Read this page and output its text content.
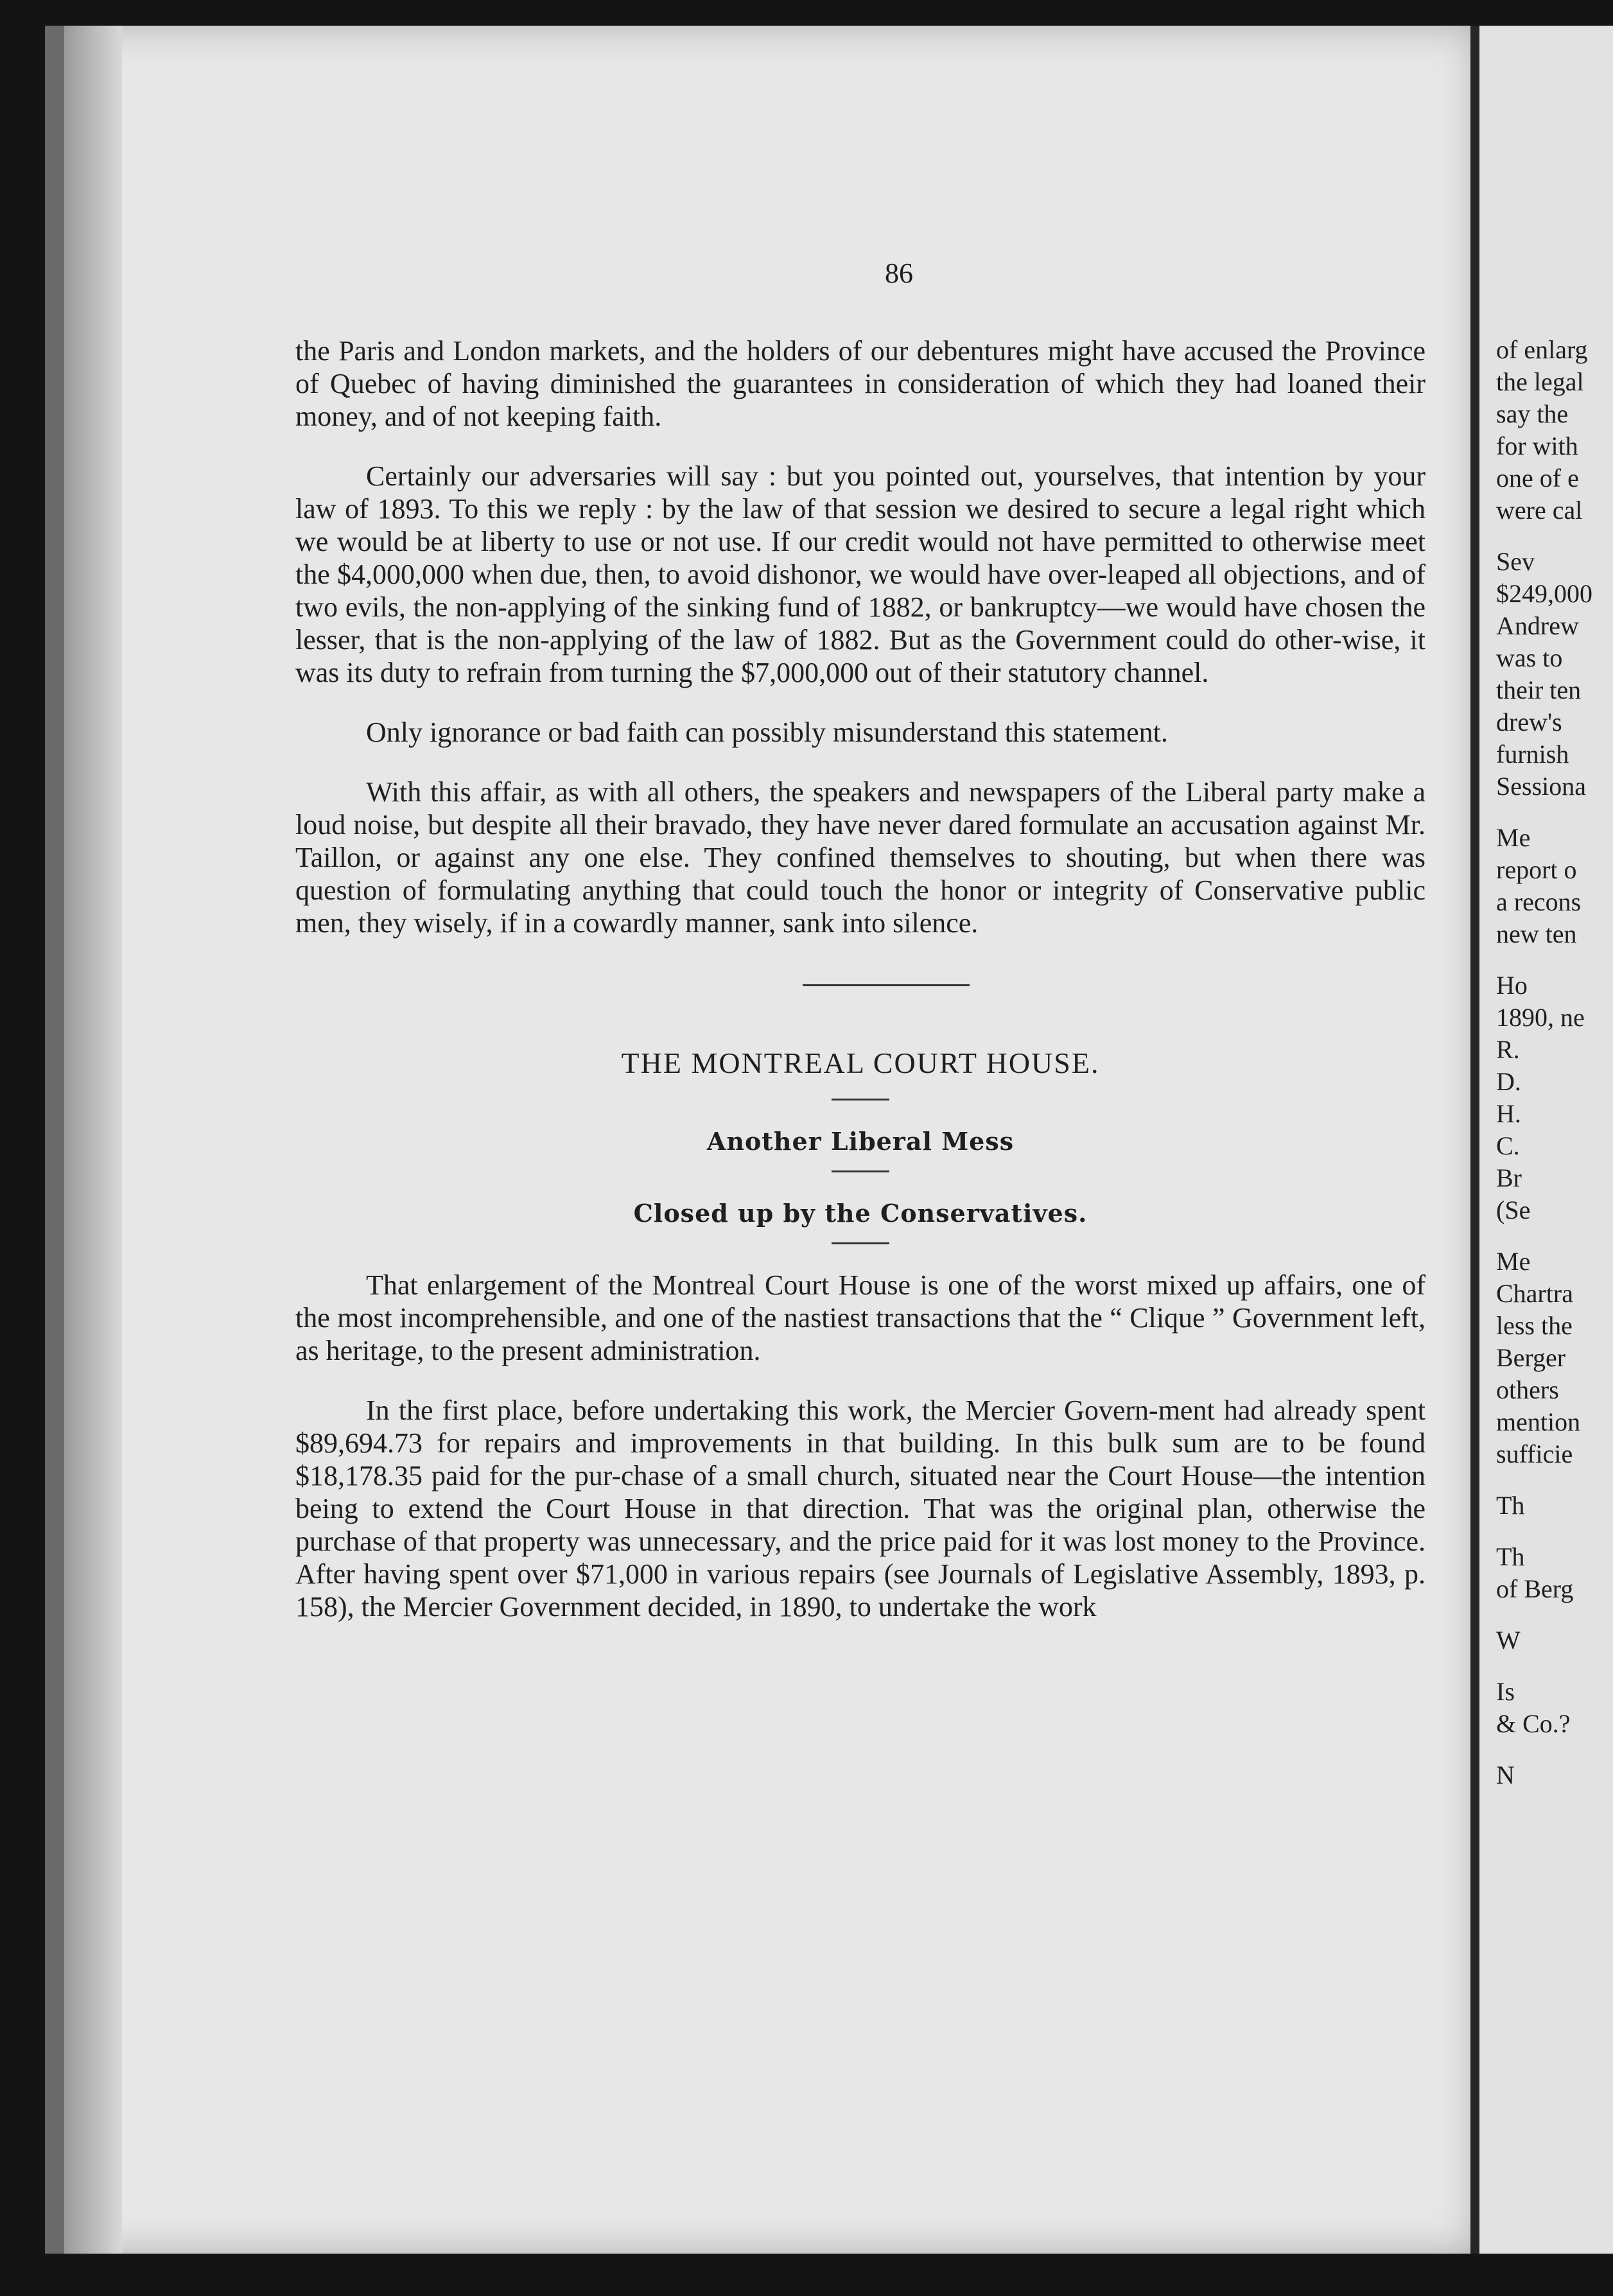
86

the Paris and London markets, and the holders of our debentures might have accused the Province of Quebec of having diminished the guarantees in consideration of which they had loaned their money, and of not keeping faith.

Certainly our adversaries will say : but you pointed out, yourselves, that intention by your law of 1893. To this we reply : by the law of that session we desired to secure a legal right which we would be at liberty to use or not use. If our credit would not have permitted to otherwise meet the $4,000,000 when due, then, to avoid dishonor, we would have over-leaped all objections, and of two evils, the non-applying of the sinking fund of 1882, or bankruptcy—we would have chosen the lesser, that is the non-applying of the law of 1882. But as the Government could do other-wise, it was its duty to refrain from turning the $7,000,000 out of their statutory channel.

Only ignorance or bad faith can possibly misunderstand this statement.

With this affair, as with all others, the speakers and newspapers of the Liberal party make a loud noise, but despite all their bravado, they have never dared formulate an accusation against Mr. Taillon, or against any one else. They confined themselves to shouting, but when there was question of formulating anything that could touch the honor or integrity of Conservative public men, they wisely, if in a cowardly manner, sank into silence.

THE MONTREAL COURT HOUSE.
Another Liberal Mess
Closed up by the Conservatives.

That enlargement of the Montreal Court House is one of the worst mixed up affairs, one of the most incomprehensible, and one of the nastiest transactions that the “ Clique ” Government left, as heritage, to the present administration.

In the first place, before undertaking this work, the Mercier Govern-ment had already spent $89,694.73 for repairs and improvements in that building. In this bulk sum are to be found $18,178.35 paid for the pur-chase of a small church, situated near the Court House—the intention being to extend the Court House in that direction. That was the original plan, otherwise the purchase of that property was unnecessary, and the price paid for it was lost money to the Province. After having spent over $71,000 in various repairs (see Journals of Legislative Assembly, 1893, p. 158), the Mercier Government decided, in 1890, to undertake the work

of enlarg
the legal
say the
for with
one of e
were cal
Sev
$249,000
Andrew
was to
their ten
drew's
furnish
Sessiona
Me
report o
a recons
new ten
Ho
1890, ne
R.
D.
H.
C.
Br
(Se
Me
Chartra
less the
Berger
others
mention
sufficie
Th
Th
of Berg
W
Is
& Co.?
N
